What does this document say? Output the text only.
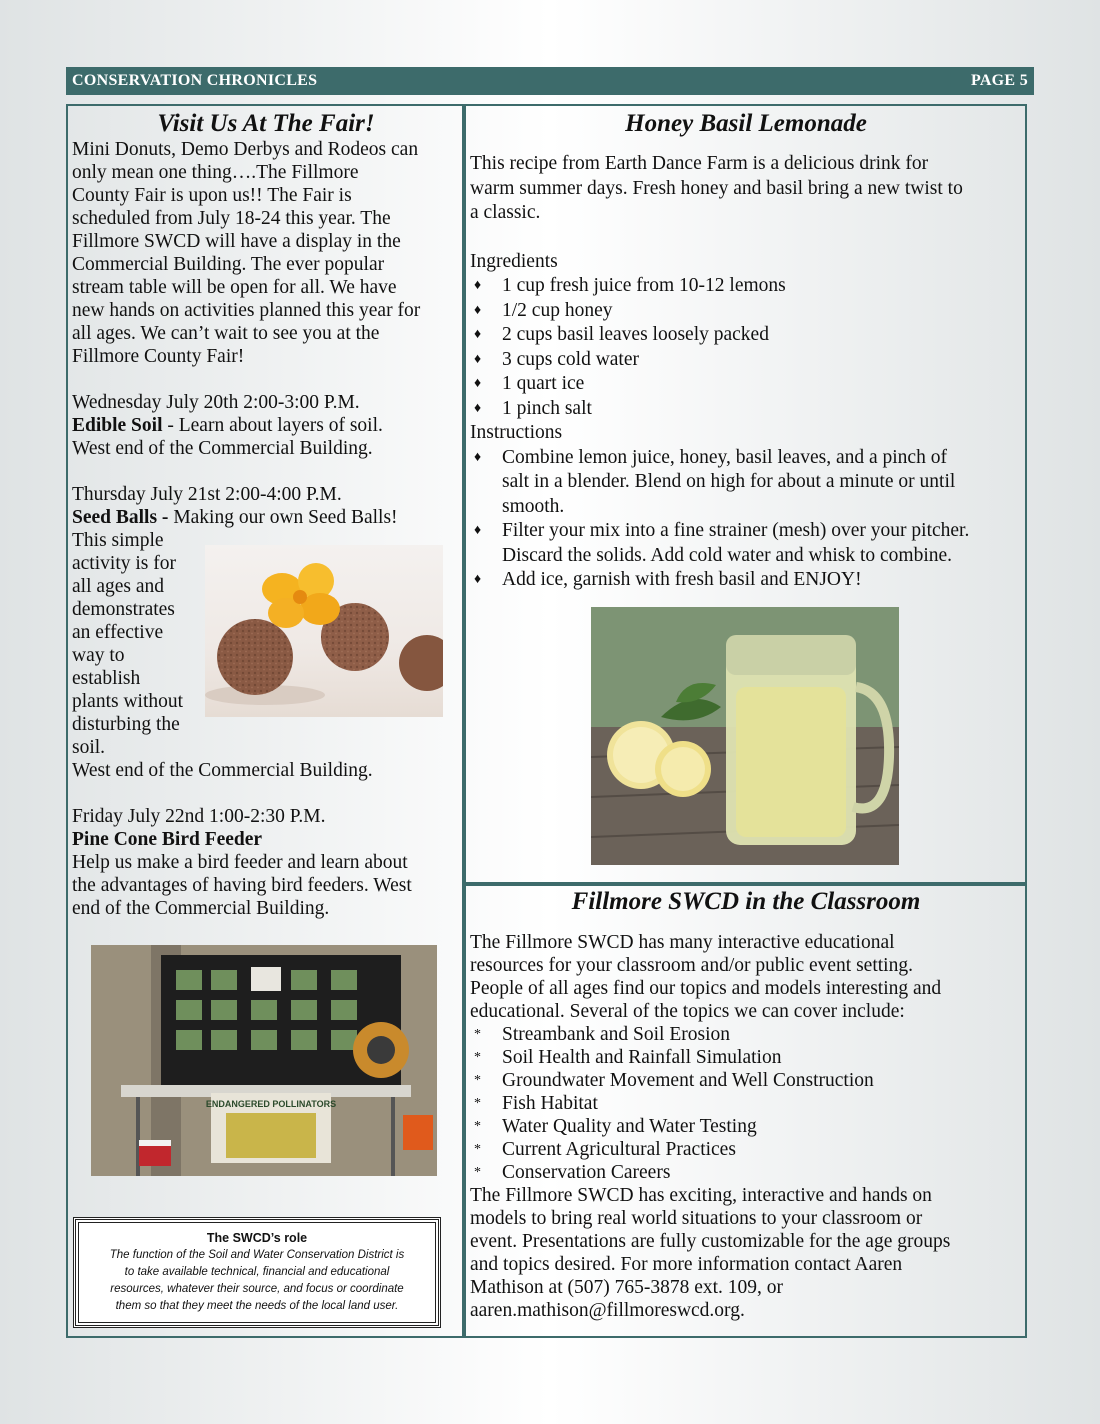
CONSERVATION CHRONICLES	PAGE 5
Visit Us At The Fair!
Mini Donuts, Demo Derbys and Rodeos can
only mean one thing….The Fillmore
County Fair is upon us!! The Fair is
scheduled from July 18-24 this year. The
Fillmore SWCD will have a display in the
Commercial Building. The ever popular
stream table will be open for all. We have
new hands on activities planned this year for
all ages. We can’t wait to see you at the
Fillmore County Fair!
Wednesday July 20th 2:00-3:00 P.M.
Edible Soil - Learn about layers of soil.
West end of the Commercial Building.
Thursday July 21st 2:00-4:00 P.M.
Seed Balls - Making our own Seed Balls!
This simple
activity is for
all ages and
demonstrates
an effective
way to
establish
plants without
disturbing the
soil.
West end of the Commercial Building.
Friday July 22nd 1:00-2:30 P.M.
Pine Cone Bird Feeder
Help us make a bird feeder and learn about
the advantages of having bird feeders. West
end of the Commercial Building.
ENDANGERED POLLINATORS
The SWCD’s role
The function of the Soil and Water Conservation District is
to take available technical, financial and educational
resources, whatever their source, and focus or coordinate
them so that they meet the needs of the local land user.
Honey Basil Lemonade
This recipe from Earth Dance Farm is a delicious drink for
warm summer days. Fresh honey and basil bring a new twist to
a classic.
Ingredients
♦ 1 cup fresh juice from 10-12 lemons
♦ 1/2 cup honey
♦ 2 cups basil leaves loosely packed
♦ 3 cups cold water
♦ 1 quart ice
♦ 1 pinch salt
Instructions
♦ Combine lemon juice, honey, basil leaves, and a pinch of
salt in a blender. Blend on high for about a minute or until
smooth.
♦ Filter your mix into a fine strainer (mesh) over your pitcher.
Discard the solids. Add cold water and whisk to combine.
♦ Add ice, garnish with fresh basil and ENJOY!
Fillmore SWCD in the Classroom
The Fillmore SWCD has many interactive educational
resources for your classroom and/or public event setting.
People of all ages find our topics and models interesting and
educational. Several of the topics we can cover include:
* Streambank and Soil Erosion
* Soil Health and Rainfall Simulation
* Groundwater Movement and Well Construction
* Fish Habitat
* Water Quality and Water Testing
* Current Agricultural Practices
* Conservation Careers
The Fillmore SWCD has exciting, interactive and hands on
models to bring real world situations to your classroom or
event. Presentations are fully customizable for the age groups
and topics desired. For more information contact Aaren
Mathison at (507) 765-3878 ext. 109, or
aaren.mathison@fillmoreswcd.org.
